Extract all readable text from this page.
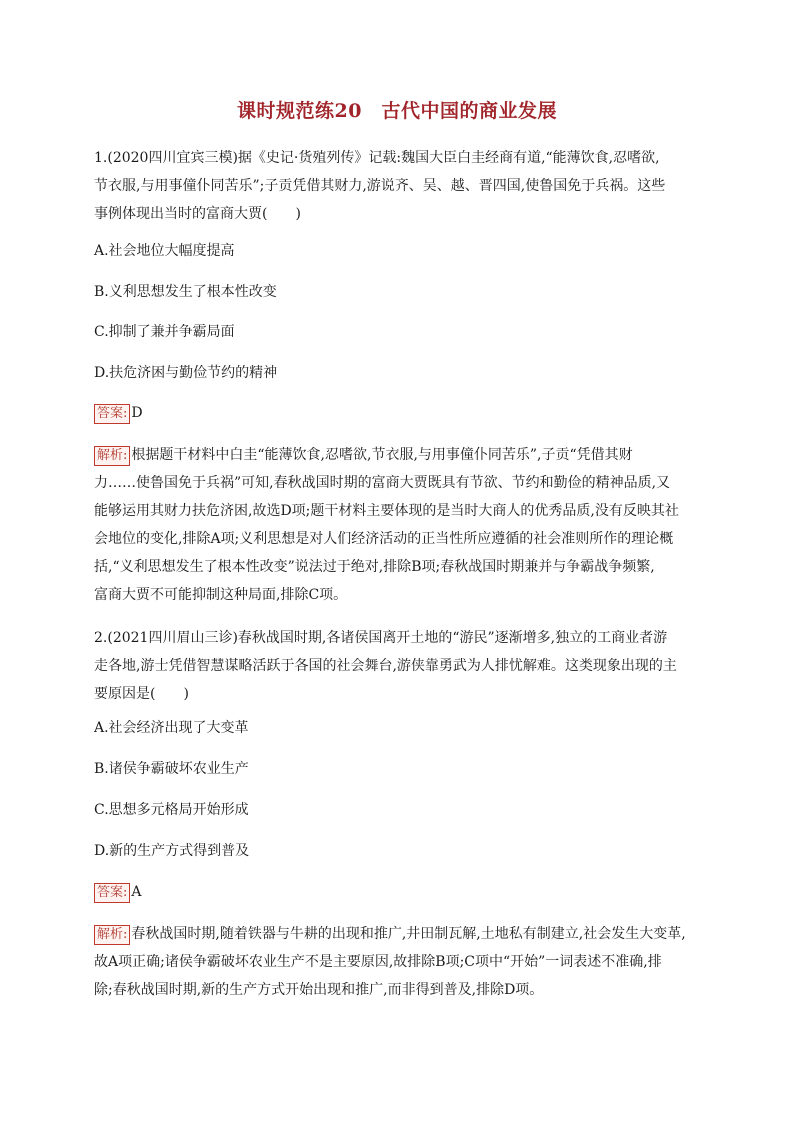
课时规范练20　古代中国的商业发展
1.(2020四川宜宾三模)据《史记·货殖列传》记载:魏国大臣白圭经商有道,“能薄饮食,忍嗜欲,
节衣服,与用事僮仆同苦乐”;子贡凭借其财力,游说齐、吴、越、晋四国,使鲁国免于兵祸。这些
事例体现出当时的富商大贾(　　)
A.社会地位大幅度提高
B.义利思想发生了根本性改变
C.抑制了兼并争霸局面
D.扶危济困与勤俭节约的精神
答案: D
解析: 根据题干材料中白圭“能薄饮食,忍嗜欲,节衣服,与用事僮仆同苦乐”,子贡“凭借其财
力……使鲁国免于兵祸”可知,春秋战国时期的富商大贾既具有节欲、节约和勤俭的精神品质,又
能够运用其财力扶危济困,故选D项;题干材料主要体现的是当时大商人的优秀品质,没有反映其社
会地位的变化,排除A项;义利思想是对人们经济活动的正当性所应遵循的社会准则所作的理论概
括,“义利思想发生了根本性改变”说法过于绝对,排除B项;春秋战国时期兼并与争霸战争频繁,
富商大贾不可能抑制这种局面,排除C项。
2.(2021四川眉山三诊)春秋战国时期,各诸侯国离开土地的“游民”逐渐增多,独立的工商业者游
走各地,游士凭借智慧谋略活跃于各国的社会舞台,游侠靠勇武为人排忧解难。这类现象出现的主
要原因是(　　)
A.社会经济出现了大变革
B.诸侯争霸破坏农业生产
C.思想多元格局开始形成
D.新的生产方式得到普及
答案: A
解析: 春秋战国时期,随着铁器与牛耕的出现和推广,井田制瓦解,土地私有制建立,社会发生大变革,
故A项正确;诸侯争霸破坏农业生产不是主要原因,故排除B项;C项中“开始”一词表述不准确,排
除;春秋战国时期,新的生产方式开始出现和推广,而非得到普及,排除D项。
